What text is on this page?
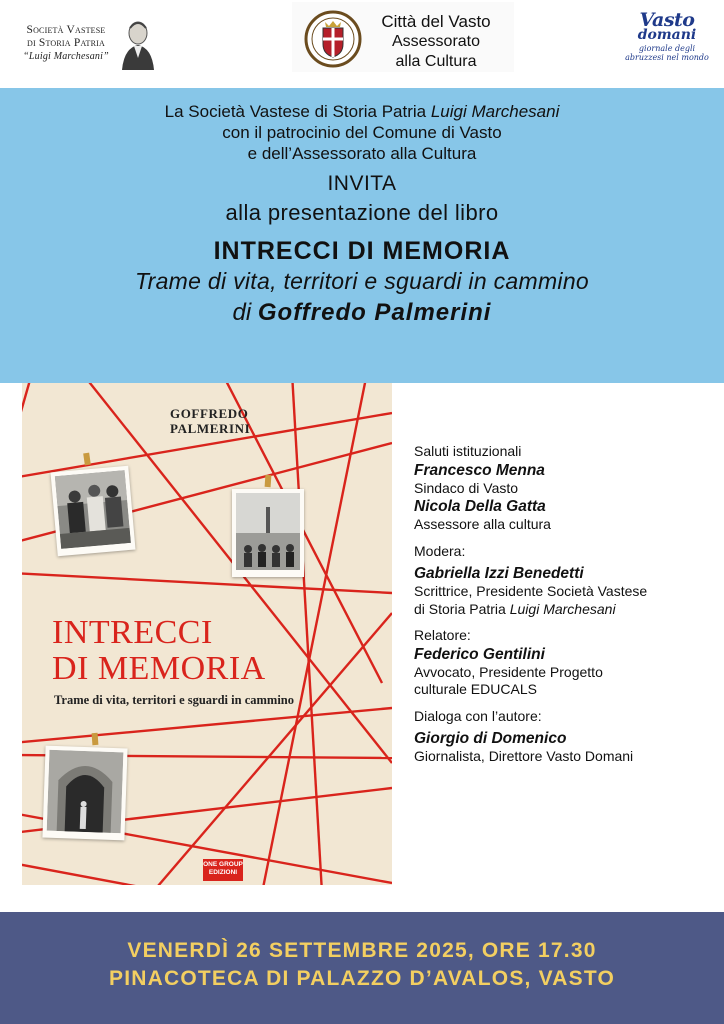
Società Vastese
di Storia Patria
“Luigi Marchesani”
Città del Vasto
Assessorato
alla Cultura
Vasto
domani
giornale degli abruzzesi nel mondo
La Società Vastese di Storia Patria Luigi Marchesani
con il patrocinio del Comune di Vasto
e dell’Assessorato alla Cultura
INVITA
alla presentazione del libro
INTRECCI DI MEMORIA
Trame di vita, territori e sguardi in cammino
di Goffredo Palmerini
GOFFREDO
PALMERINI
INTRECCI
DI MEMORIA
Trame di vita, territori e sguardi in cammino
ONE GROUP
EDIZIONI
Saluti istituzionali
Francesco Menna
Sindaco di Vasto
Nicola Della Gatta
Assessore alla cultura
Modera:
Gabriella Izzi Benedetti
Scrittrice, Presidente Società Vastese
di Storia Patria Luigi Marchesani
Relatore:
Federico Gentilini
Avvocato, Presidente Progetto
culturale EDUCALS
Dialoga con l’autore:
Giorgio di Domenico
Giornalista, Direttore Vasto Domani
VENERDÌ 26 SETTEMBRE 2025, ORE 17.30
PINACOTECA DI PALAZZO D’AVALOS, VASTO
